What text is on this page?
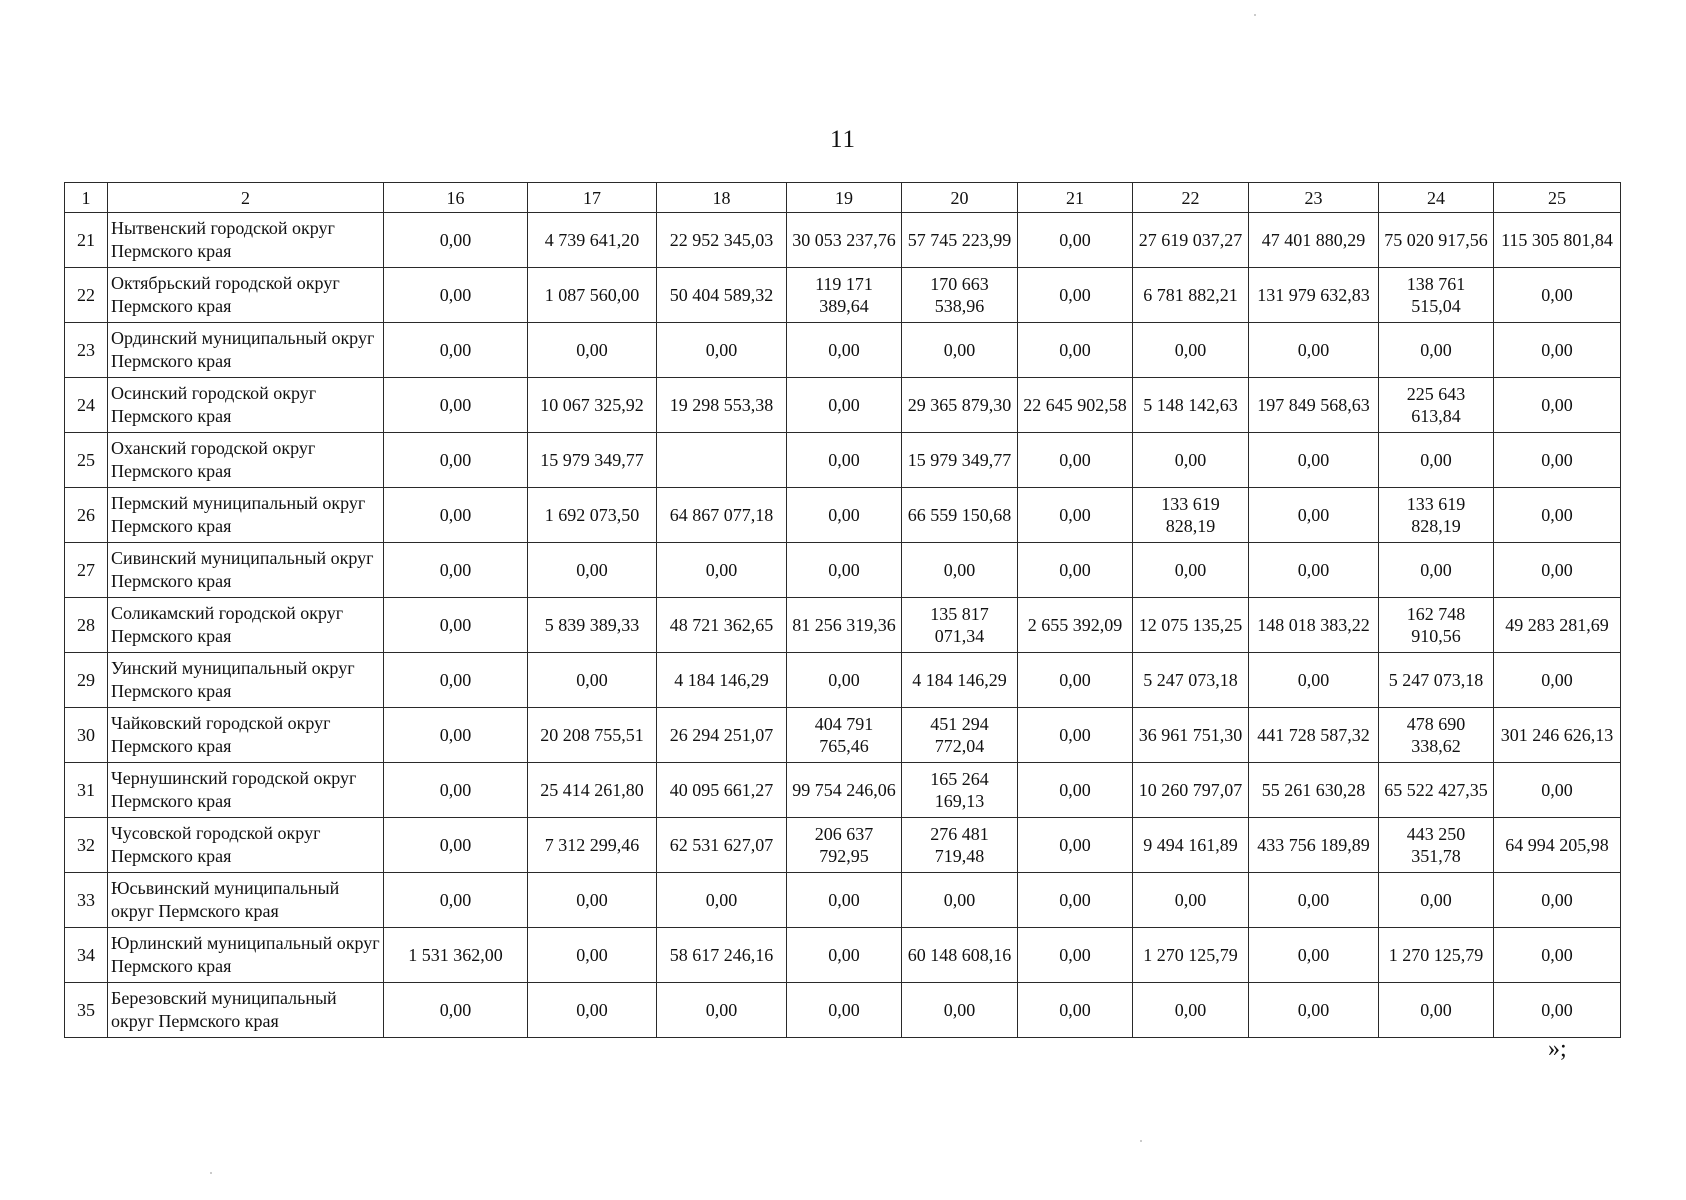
11
1	2	16	17	18	19	20	21	22	23	24	25
21	Нытвенский городской округ Пермского края	0,00	4 739 641,20	22 952 345,03	30 053 237,76	57 745 223,99	0,00	27 619 037,27	47 401 880,29	75 020 917,56	115 305 801,84
22	Октябрьский городской округ Пермского края	0,00	1 087 560,00	50 404 589,32	119 171 389,64	170 663 538,96	0,00	6 781 882,21	131 979 632,83	138 761 515,04	0,00
23	Ординский муниципальный округ Пермского края	0,00	0,00	0,00	0,00	0,00	0,00	0,00	0,00	0,00	0,00
24	Осинский городской округ Пермского края	0,00	10 067 325,92	19 298 553,38	0,00	29 365 879,30	22 645 902,58	5 148 142,63	197 849 568,63	225 643 613,84	0,00
25	Оханский городской округ Пермского края	0,00	15 979 349,77		0,00	15 979 349,77	0,00	0,00	0,00	0,00	0,00
26	Пермский муниципальный округ Пермского края	0,00	1 692 073,50	64 867 077,18	0,00	66 559 150,68	0,00	133 619 828,19	0,00	133 619 828,19	0,00
27	Сивинский муниципальный округ Пермского края	0,00	0,00	0,00	0,00	0,00	0,00	0,00	0,00	0,00	0,00
28	Соликамский городской округ Пермского края	0,00	5 839 389,33	48 721 362,65	81 256 319,36	135 817 071,34	2 655 392,09	12 075 135,25	148 018 383,22	162 748 910,56	49 283 281,69
29	Уинский муниципальный округ Пермского края	0,00	0,00	4 184 146,29	0,00	4 184 146,29	0,00	5 247 073,18	0,00	5 247 073,18	0,00
30	Чайковский городской округ Пермского края	0,00	20 208 755,51	26 294 251,07	404 791 765,46	451 294 772,04	0,00	36 961 751,30	441 728 587,32	478 690 338,62	301 246 626,13
31	Чернушинский городской округ Пермского края	0,00	25 414 261,80	40 095 661,27	99 754 246,06	165 264 169,13	0,00	10 260 797,07	55 261 630,28	65 522 427,35	0,00
32	Чусовской городской округ Пермского края	0,00	7 312 299,46	62 531 627,07	206 637 792,95	276 481 719,48	0,00	9 494 161,89	433 756 189,89	443 250 351,78	64 994 205,98
33	Юсьвинский муниципальный округ Пермского края	0,00	0,00	0,00	0,00	0,00	0,00	0,00	0,00	0,00	0,00
34	Юрлинский муниципальный округ Пермского края	1 531 362,00	0,00	58 617 246,16	0,00	60 148 608,16	0,00	1 270 125,79	0,00	1 270 125,79	0,00
35	Березовский муниципальный округ Пермского края	0,00	0,00	0,00	0,00	0,00	0,00	0,00	0,00	0,00	0,00
»;
